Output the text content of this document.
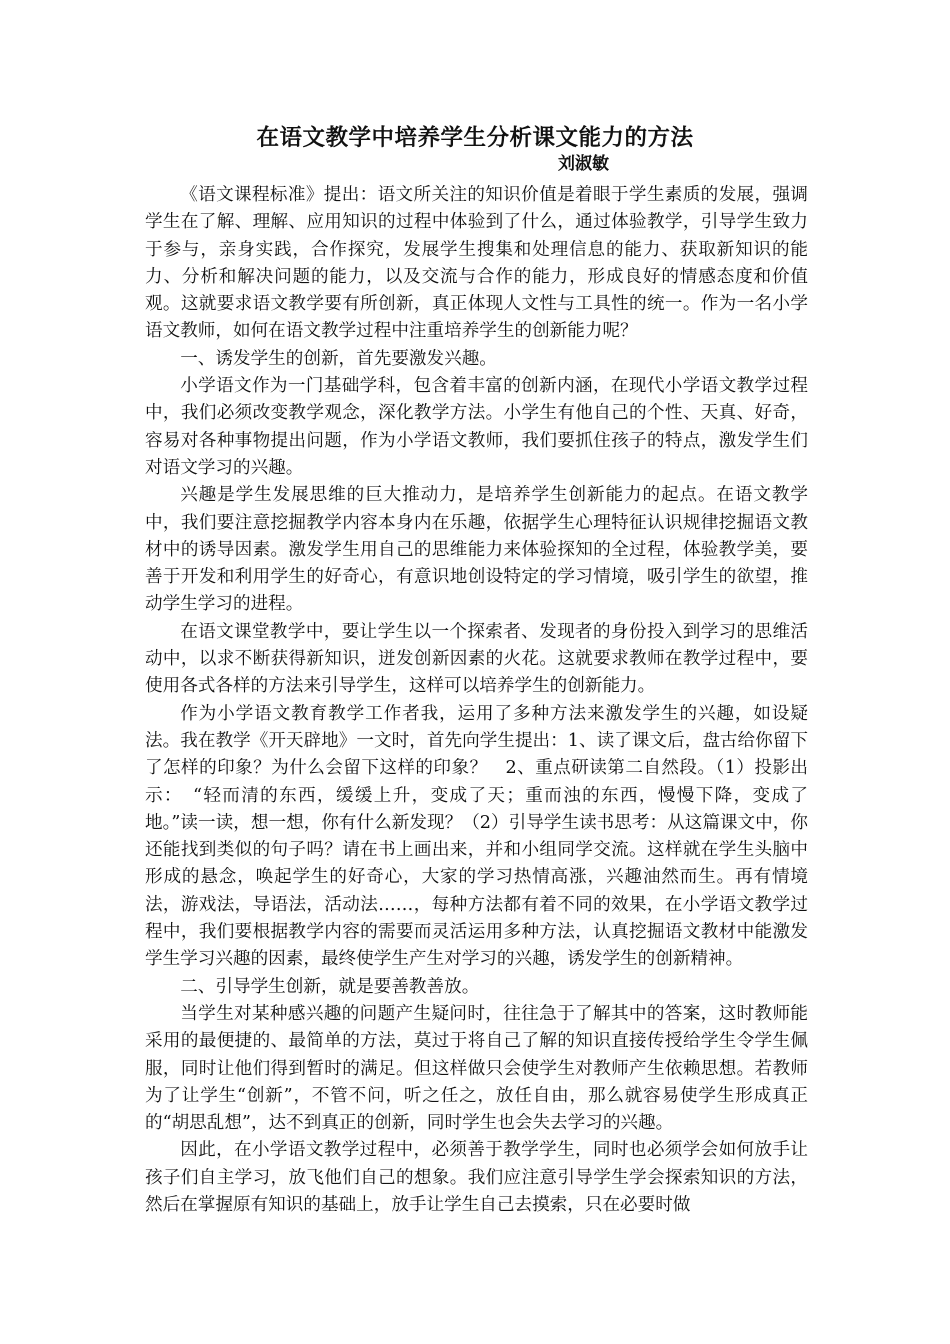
在语文教学中培养学生分析课文能力的方法
刘淑敏

《语文课程标准》提出：语文所关注的知识价值是着眼于学生素质的发展，强调学生在了解、理解、应用知识的过程中体验到了什么，通过体验教学，引导学生致力于参与，亲身实践，合作探究，发展学生搜集和处理信息的能力、获取新知识的能力、分析和解决问题的能力，以及交流与合作的能力，形成良好的情感态度和价值观。这就要求语文教学要有所创新，真正体现人文性与工具性的统一。作为一名小学语文教师，如何在语文教学过程中注重培养学生的创新能力呢？

一、诱发学生的创新，首先要激发兴趣。

小学语文作为一门基础学科，包含着丰富的创新内涵，在现代小学语文教学过程中，我们必须改变教学观念，深化教学方法。小学生有他自己的个性、天真、好奇，容易对各种事物提出问题，作为小学语文教师，我们要抓住孩子的特点，激发学生们对语文学习的兴趣。

兴趣是学生发展思维的巨大推动力，是培养学生创新能力的起点。在语文教学中，我们要注意挖掘教学内容本身内在乐趣，依据学生心理特征认识规律挖掘语文教材中的诱导因素。激发学生用自己的思维能力来体验探知的全过程，体验教学美，要善于开发和利用学生的好奇心，有意识地创设特定的学习情境，吸引学生的欲望，推动学生学习的进程。

在语文课堂教学中，要让学生以一个探索者、发现者的身份投入到学习的思维活动中，以求不断获得新知识，迸发创新因素的火花。这就要求教师在教学过程中，要使用各式各样的方法来引导学生，这样可以培养学生的创新能力。

作为小学语文教育教学工作者我，运用了多种方法来激发学生的兴趣，如设疑法。我在教学《开天辟地》一文时，首先向学生提出：1、读了课文后，盘古给你留下了怎样的印象？为什么会留下这样的印象？　2、重点研读第二自然段。（1）投影出示：　“轻而清的东西，缓缓上升，变成了天；重而浊的东西，慢慢下降，变成了地。”读一读，想一想，你有什么新发现？（2）引导学生读书思考：从这篇课文中，你还能找到类似的句子吗？请在书上画出来，并和小组同学交流。这样就在学生头脑中形成的悬念，唤起学生的好奇心，大家的学习热情高涨，兴趣油然而生。再有情境法，游戏法，导语法，活动法……，每种方法都有着不同的效果，在小学语文教学过程中，我们要根据教学内容的需要而灵活运用多种方法，认真挖掘语文教材中能激发学生学习兴趣的因素，最终使学生产生对学习的兴趣，诱发学生的创新精神。

二、引导学生创新，就是要善教善放。

当学生对某种感兴趣的问题产生疑问时，往往急于了解其中的答案，这时教师能采用的最便捷的、最简单的方法，莫过于将自己了解的知识直接传授给学生令学生佩服，同时让他们得到暂时的满足。但这样做只会使学生对教师产生依赖思想。若教师为了让学生“创新”，不管不问，听之任之，放任自由，那么就容易使学生形成真正的“胡思乱想”，达不到真正的创新，同时学生也会失去学习的兴趣。

因此，在小学语文教学过程中，必须善于教学学生，同时也必须学会如何放手让孩子们自主学习，放飞他们自己的想象。我们应注意引导学生学会探索知识的方法，然后在掌握原有知识的基础上，放手让学生自己去摸索，只在必要时做
